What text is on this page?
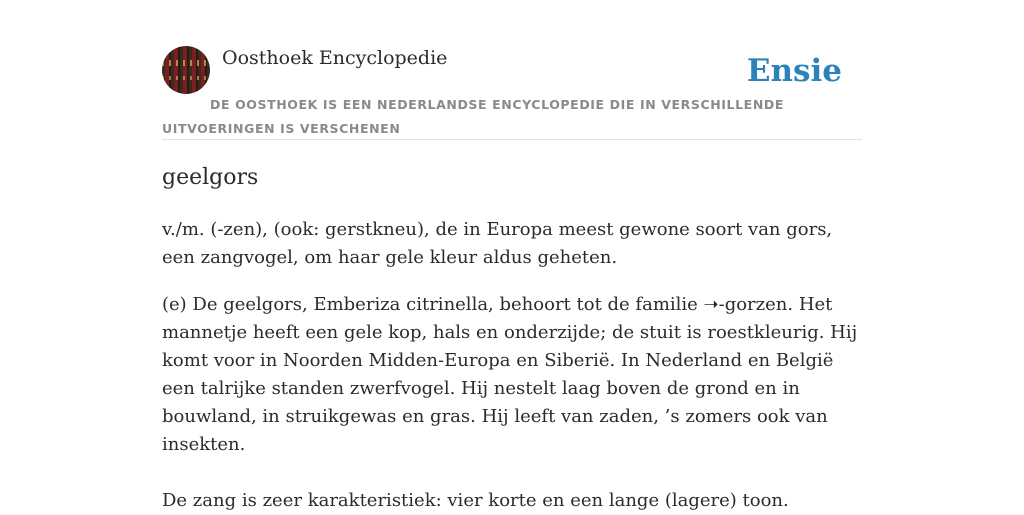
Oosthoek Encyclopedie	Ensie
DE OOSTHOEK IS EEN NEDERLANDSE ENCYCLOPEDIE DIE IN VERSCHILLENDE UITVOERINGEN IS VERSCHENEN
geelgors

v./m. (-zen), (ook: gerstkneu), de in Europa meest gewone soort van gors, een zangvogel, om haar gele kleur aldus geheten.

(e) De geelgors, Emberiza citrinella, behoort tot de familie ➝-gorzen. Het mannetje heeft een gele kop, hals en onderzijde; de stuit is roestkleurig. Hij komt voor in Noorden Midden-Europa en Siberië. In Nederland en België een talrijke standen zwerfvogel. Hij nestelt laag boven de grond en in bouwland, in struikgewas en gras. Hij leeft van zaden, ’s zomers ook van insekten.

De zang is zeer karakteristiek: vier korte en een lange (lagere) toon.
